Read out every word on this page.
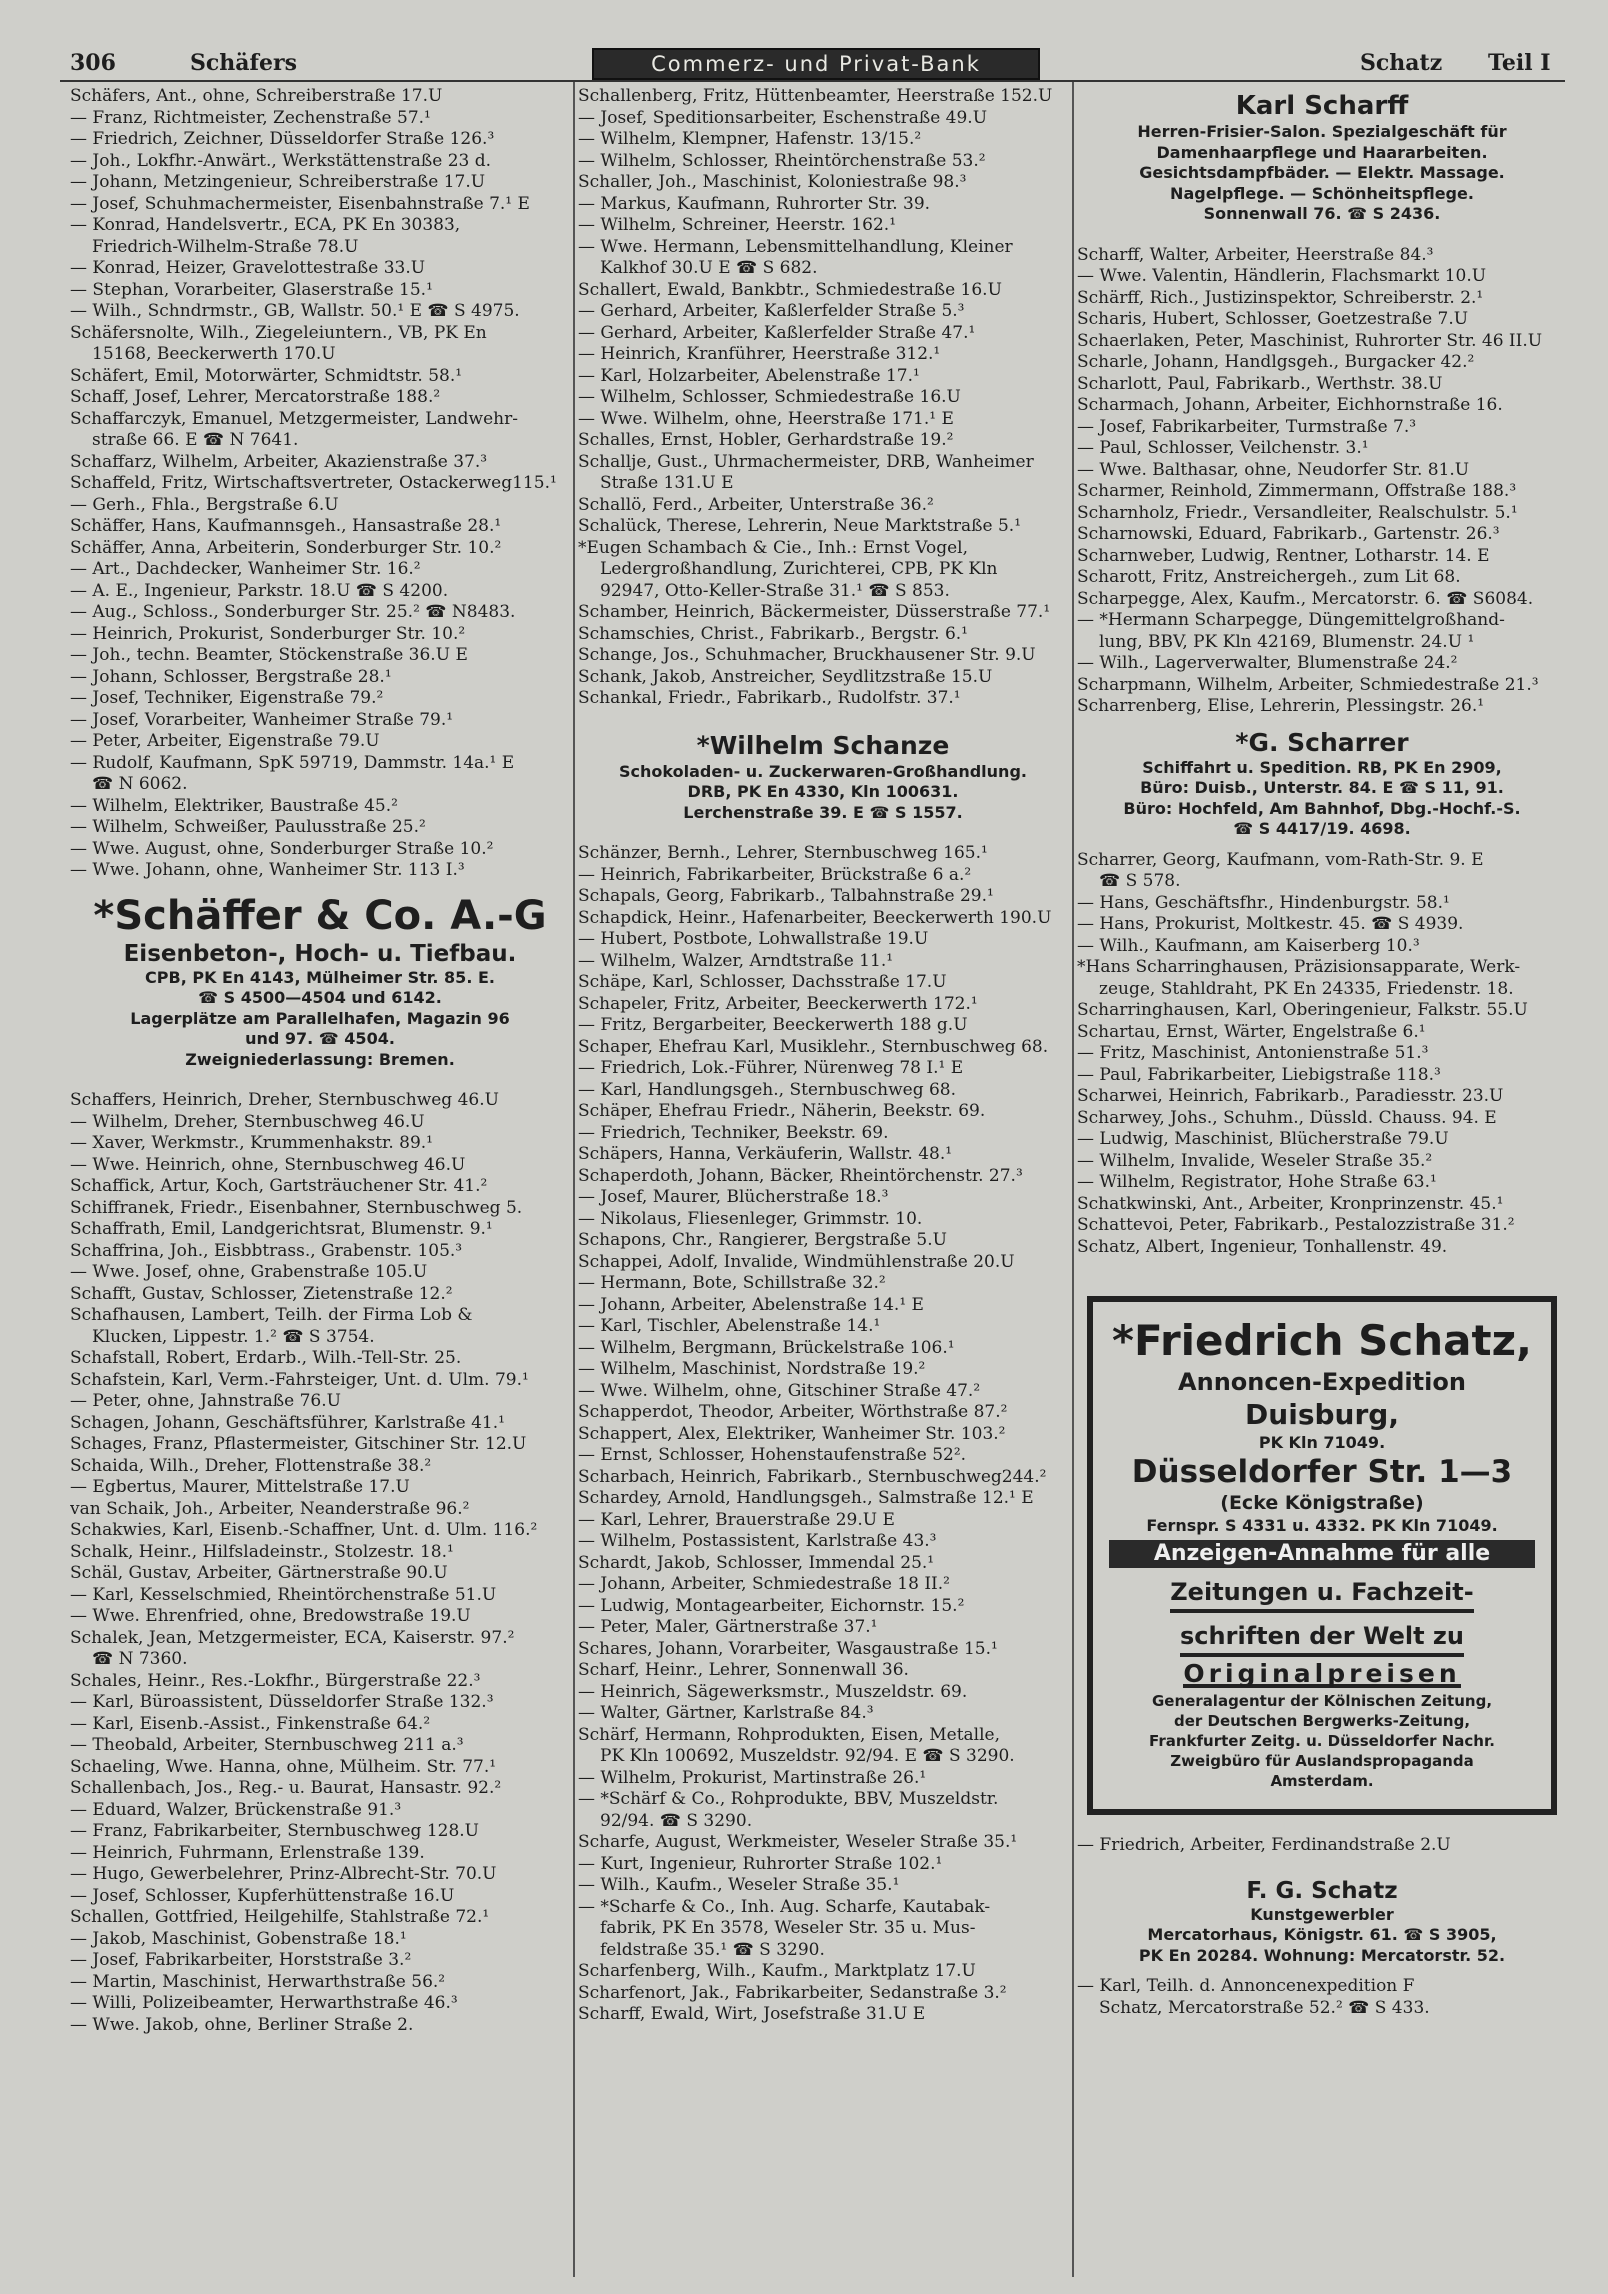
306	Schäfers	Commerz- und Privat-Bank	Schatz Teil I
Schäfers, Ant., ohne, Schreiberstraße 17.U
— Franz, Richtmeister, Zechenstraße 57.¹
— Friedrich, Zeichner, Düsseldorfer Straße 126.³
— Joh., Lokfhr.-Anwärt., Werkstättenstraße 23 d.
— Johann, Metzingenieur, Schreiberstraße 17.U
— Josef, Schuhmachermeister, Eisenbahnstraße 7.¹ E
— Konrad, Handelsvertr., ECA, PK En 30383,
Friedrich-Wilhelm-Straße 78.U
— Konrad, Heizer, Gravelottestraße 33.U
— Stephan, Vorarbeiter, Glaserstraße 15.¹
— Wilh., Schndrmstr., GB, Wallstr. 50.¹ E ☎ S 4975.
Schäfersnolte, Wilh., Ziegeleiuntern., VB, PK En
15168, Beeckerwerth 170.U
Schäfert, Emil, Motorwärter, Schmidtstr. 58.¹
Schaff, Josef, Lehrer, Mercatorstraße 188.²
Schaffarczyk, Emanuel, Metzgermeister, Landwehr-
straße 66. E ☎ N 7641.
Schaffarz, Wilhelm, Arbeiter, Akazienstraße 37.³
Schaffeld, Fritz, Wirtschaftsvertreter, Ostackerweg115.¹
— Gerh., Fhla., Bergstraße 6.U
Schäffer, Hans, Kaufmannsgeh., Hansastraße 28.¹
Schäffer, Anna, Arbeiterin, Sonderburger Str. 10.²
— Art., Dachdecker, Wanheimer Str. 16.²
— A. E., Ingenieur, Parkstr. 18.U ☎ S 4200.
— Aug., Schloss., Sonderburger Str. 25.² ☎ N8483.
— Heinrich, Prokurist, Sonderburger Str. 10.²
— Joh., techn. Beamter, Stöckenstraße 36.U E
— Johann, Schlosser, Bergstraße 28.¹
— Josef, Techniker, Eigenstraße 79.²
— Josef, Vorarbeiter, Wanheimer Straße 79.¹
— Peter, Arbeiter, Eigenstraße 79.U
— Rudolf, Kaufmann, SpK 59719, Dammstr. 14a.¹ E
☎ N 6062.
— Wilhelm, Elektriker, Baustraße 45.²
— Wilhelm, Schweißer, Paulusstraße 25.²
— Wwe. August, ohne, Sonderburger Straße 10.²
— Wwe. Johann, ohne, Wanheimer Str. 113 I.³
*Schäffer & Co. A.-G
Eisenbeton-, Hoch- u. Tiefbau.
CPB, PK En 4143, Mülheimer Str. 85. E.
☎ S 4500—4504 und 6142.
Lagerplätze am Parallelhafen, Magazin 96
und 97. ☎ 4504.
Zweigniederlassung: Bremen.
Schaffers, Heinrich, Dreher, Sternbuschweg 46.U
— Wilhelm, Dreher, Sternbuschweg 46.U
— Xaver, Werkmstr., Krummenhakstr. 89.¹
— Wwe. Heinrich, ohne, Sternbuschweg 46.U
Schaffick, Artur, Koch, Gartsträuchener Str. 41.²
Schiffranek, Friedr., Eisenbahner, Sternbuschweg 5.
Schaffrath, Emil, Landgerichtsrat, Blumenstr. 9.¹
Schaffrina, Joh., Eisbbtrass., Grabenstr. 105.³
— Wwe. Josef, ohne, Grabenstraße 105.U
Schafft, Gustav, Schlosser, Zietenstraße 12.²
Schafhausen, Lambert, Teilh. der Firma Lob &
Klucken, Lippestr. 1.² ☎ S 3754.
Schafstall, Robert, Erdarb., Wilh.-Tell-Str. 25.
Schafstein, Karl, Verm.-Fahrsteiger, Unt. d. Ulm. 79.¹
— Peter, ohne, Jahnstraße 76.U
Schagen, Johann, Geschäftsführer, Karlstraße 41.¹
Schages, Franz, Pflastermeister, Gitschiner Str. 12.U
Schaida, Wilh., Dreher, Flottenstraße 38.²
— Egbertus, Maurer, Mittelstraße 17.U
van Schaik, Joh., Arbeiter, Neanderstraße 96.²
Schakwies, Karl, Eisenb.-Schaffner, Unt. d. Ulm. 116.²
Schalk, Heinr., Hilfsladeinstr., Stolzestr. 18.¹
Schäl, Gustav, Arbeiter, Gärtnerstraße 90.U
— Karl, Kesselschmied, Rheintörchenstraße 51.U
— Wwe. Ehrenfried, ohne, Bredowstraße 19.U
Schalek, Jean, Metzgermeister, ECA, Kaiserstr. 97.²
☎ N 7360.
Schales, Heinr., Res.-Lokfhr., Bürgerstraße 22.³
— Karl, Büroassistent, Düsseldorfer Straße 132.³
— Karl, Eisenb.-Assist., Finkenstraße 64.²
— Theobald, Arbeiter, Sternbuschweg 211 a.³
Schaeling, Wwe. Hanna, ohne, Mülheim. Str. 77.¹
Schallenbach, Jos., Reg.- u. Baurat, Hansastr. 92.²
— Eduard, Walzer, Brückenstraße 91.³
— Franz, Fabrikarbeiter, Sternbuschweg 128.U
— Heinrich, Fuhrmann, Erlenstraße 139.
— Hugo, Gewerbelehrer, Prinz-Albrecht-Str. 70.U
— Josef, Schlosser, Kupferhüttenstraße 16.U
Schallen, Gottfried, Heilgehilfe, Stahlstraße 72.¹
— Jakob, Maschinist, Gobenstraße 18.¹
— Josef, Fabrikarbeiter, Horststraße 3.²
— Martin, Maschinist, Herwarthstraße 56.²
— Willi, Polizeibeamter, Herwarthstraße 46.³
— Wwe. Jakob, ohne, Berliner Straße 2.
Schallenberg, Fritz, Hüttenbeamter, Heerstraße 152.U
— Josef, Speditionsarbeiter, Eschenstraße 49.U
— Wilhelm, Klempner, Hafenstr. 13/15.²
— Wilhelm, Schlosser, Rheintörchenstraße 53.²
Schaller, Joh., Maschinist, Koloniestraße 98.³
— Markus, Kaufmann, Ruhrorter Str. 39.
— Wilhelm, Schreiner, Heerstr. 162.¹
— Wwe. Hermann, Lebensmittelhandlung, Kleiner
Kalkhof 30.U E ☎ S 682.
Schallert, Ewald, Bankbtr., Schmiedestraße 16.U
— Gerhard, Arbeiter, Kaßlerfelder Straße 5.³
— Gerhard, Arbeiter, Kaßlerfelder Straße 47.¹
— Heinrich, Kranführer, Heerstraße 312.¹
— Karl, Holzarbeiter, Abelenstraße 17.¹
— Wilhelm, Schlosser, Schmiedestraße 16.U
— Wwe. Wilhelm, ohne, Heerstraße 171.¹ E
Schalles, Ernst, Hobler, Gerhardstraße 19.²
Schallje, Gust., Uhrmachermeister, DRB, Wanheimer
Straße 131.U E
Schallö, Ferd., Arbeiter, Unterstraße 36.²
Schalück, Therese, Lehrerin, Neue Marktstraße 5.¹
*Eugen Schambach & Cie., Inh.: Ernst Vogel,
Ledergroßhandlung, Zurichterei, CPB, PK Kln
92947, Otto-Keller-Straße 31.¹ ☎ S 853.
Schamber, Heinrich, Bäckermeister, Düsserstraße 77.¹
Schamschies, Christ., Fabrikarb., Bergstr. 6.¹
Schange, Jos., Schuhmacher, Bruckhausener Str. 9.U
Schank, Jakob, Anstreicher, Seydlitzstraße 15.U
Schankal, Friedr., Fabrikarb., Rudolfstr. 37.¹
*Wilhelm Schanze
Schokoladen- u. Zuckerwaren-Großhandlung.
DRB, PK En 4330, Kln 100631.
Lerchenstraße 39. E ☎ S 1557.
Schänzer, Bernh., Lehrer, Sternbuschweg 165.¹
— Heinrich, Fabrikarbeiter, Brückstraße 6 a.²
Schapals, Georg, Fabrikarb., Talbahnstraße 29.¹
Schapdick, Heinr., Hafenarbeiter, Beeckerwerth 190.U
— Hubert, Postbote, Lohwallstraße 19.U
— Wilhelm, Walzer, Arndtstraße 11.¹
Schäpe, Karl, Schlosser, Dachsstraße 17.U
Schapeler, Fritz, Arbeiter, Beeckerwerth 172.¹
— Fritz, Bergarbeiter, Beeckerwerth 188 g.U
Schaper, Ehefrau Karl, Musiklehr., Sternbuschweg 68.
— Friedrich, Lok.-Führer, Nürenweg 78 I.¹ E
— Karl, Handlungsgeh., Sternbuschweg 68.
Schäper, Ehefrau Friedr., Näherin, Beekstr. 69.
— Friedrich, Techniker, Beekstr. 69.
Schäpers, Hanna, Verkäuferin, Wallstr. 48.¹
Schaperdoth, Johann, Bäcker, Rheintörchenstr. 27.³
— Josef, Maurer, Blücherstraße 18.³
— Nikolaus, Fliesenleger, Grimmstr. 10.
Schapons, Chr., Rangierer, Bergstraße 5.U
Schappei, Adolf, Invalide, Windmühlenstraße 20.U
— Hermann, Bote, Schillstraße 32.²
— Johann, Arbeiter, Abelenstraße 14.¹ E
— Karl, Tischler, Abelenstraße 14.¹
— Wilhelm, Bergmann, Brückelstraße 106.¹
— Wilhelm, Maschinist, Nordstraße 19.²
— Wwe. Wilhelm, ohne, Gitschiner Straße 47.²
Schapperdot, Theodor, Arbeiter, Wörthstraße 87.²
Schappert, Alex, Elektriker, Wanheimer Str. 103.²
— Ernst, Schlosser, Hohenstaufenstraße 52².
Scharbach, Heinrich, Fabrikarb., Sternbuschweg244.²
Schardey, Arnold, Handlungsgeh., Salmstraße 12.¹ E
— Karl, Lehrer, Brauerstraße 29.U E
— Wilhelm, Postassistent, Karlstraße 43.³
Schardt, Jakob, Schlosser, Immendal 25.¹
— Johann, Arbeiter, Schmiedestraße 18 II.²
— Ludwig, Montagearbeiter, Eichornstr. 15.²
— Peter, Maler, Gärtnerstraße 37.¹
Schares, Johann, Vorarbeiter, Wasgaustraße 15.¹
Scharf, Heinr., Lehrer, Sonnenwall 36.
— Heinrich, Sägewerksmstr., Muszeldstr. 69.
— Walter, Gärtner, Karlstraße 84.³
Schärf, Hermann, Rohprodukten, Eisen, Metalle,
PK Kln 100692, Muszeldstr. 92/94. E ☎ S 3290.
— Wilhelm, Prokurist, Martinstraße 26.¹
— *Schärf & Co., Rohprodukte, BBV, Muszeldstr.
92/94. ☎ S 3290.
Scharfe, August, Werkmeister, Weseler Straße 35.¹
— Kurt, Ingenieur, Ruhrorter Straße 102.¹
— Wilh., Kaufm., Weseler Straße 35.¹
— *Scharfe & Co., Inh. Aug. Scharfe, Kautabak-
fabrik, PK En 3578, Weseler Str. 35 u. Mus-
feldstraße 35.¹ ☎ S 3290.
Scharfenberg, Wilh., Kaufm., Marktplatz 17.U
Scharfenort, Jak., Fabrikarbeiter, Sedanstraße 3.²
Scharff, Ewald, Wirt, Josefstraße 31.U E
Karl Scharff
Herren-Frisier-Salon. Spezialgeschäft für
Damenhaarpflege und Haararbeiten.
Gesichtsdampfbäder. — Elektr. Massage.
Nagelpflege. — Schönheitspflege.
Sonnenwall 76. ☎ S 2436.
Scharff, Walter, Arbeiter, Heerstraße 84.³
— Wwe. Valentin, Händlerin, Flachsmarkt 10.U
Schärff, Rich., Justizinspektor, Schreiberstr. 2.¹
Scharis, Hubert, Schlosser, Goetzestraße 7.U
Schaerlaken, Peter, Maschinist, Ruhrorter Str. 46 II.U
Scharle, Johann, Handlgsgeh., Burgacker 42.²
Scharlott, Paul, Fabrikarb., Werthstr. 38.U
Scharmach, Johann, Arbeiter, Eichhornstraße 16.
— Josef, Fabrikarbeiter, Turmstraße 7.³
— Paul, Schlosser, Veilchenstr. 3.¹
— Wwe. Balthasar, ohne, Neudorfer Str. 81.U
Scharmer, Reinhold, Zimmermann, Offstraße 188.³
Scharnholz, Friedr., Versandleiter, Realschulstr. 5.¹
Scharnowski, Eduard, Fabrikarb., Gartenstr. 26.³
Scharnweber, Ludwig, Rentner, Lotharstr. 14. E
Scharott, Fritz, Anstreichergeh., zum Lit 68.
Scharpegge, Alex, Kaufm., Mercatorstr. 6. ☎ S6084.
— *Hermann Scharpegge, Düngemittelgroßhand-
lung, BBV, PK Kln 42169, Blumenstr. 24.U ¹
— Wilh., Lagerverwalter, Blumenstraße 24.²
Scharpmann, Wilhelm, Arbeiter, Schmiedestraße 21.³
Scharrenberg, Elise, Lehrerin, Plessingstr. 26.¹
*G. Scharrer
Schiffahrt u. Spedition. RB, PK En 2909,
Büro: Duisb., Unterstr. 84. E ☎ S 11, 91.
Büro: Hochfeld, Am Bahnhof, Dbg.-Hochf.-S.
☎ S 4417/19. 4698.
Scharrer, Georg, Kaufmann, vom-Rath-Str. 9. E
☎ S 578.
— Hans, Geschäftsfhr., Hindenburgstr. 58.¹
— Hans, Prokurist, Moltkestr. 45. ☎ S 4939.
— Wilh., Kaufmann, am Kaiserberg 10.³
*Hans Scharringhausen, Präzisionsapparate, Werk-
zeuge, Stahldraht, PK En 24335, Friedenstr. 18.
Scharringhausen, Karl, Oberingenieur, Falkstr. 55.U
Schartau, Ernst, Wärter, Engelstraße 6.¹
— Fritz, Maschinist, Antonienstraße 51.³
— Paul, Fabrikarbeiter, Liebigstraße 118.³
Scharwei, Heinrich, Fabrikarb., Paradiesstr. 23.U
Scharwey, Johs., Schuhm., Düssld. Chauss. 94. E
— Ludwig, Maschinist, Blücherstraße 79.U
— Wilhelm, Invalide, Weseler Straße 35.²
— Wilhelm, Registrator, Hohe Straße 63.¹
Schatkwinski, Ant., Arbeiter, Kronprinzenstr. 45.¹
Schattevoi, Peter, Fabrikarb., Pestalozzistraße 31.²
Schatz, Albert, Ingenieur, Tonhallenstr. 49.
*Friedrich Schatz,
Annoncen-Expedition
Duisburg,
PK Kln 71049.
Düsseldorfer Str. 1—3
(Ecke Königstraße)
Fernspr. S 4331 u. 4332. PK Kln 71049.
Anzeigen-Annahme für alle
Zeitungen u. Fachzeit-
schriften der Welt zu
Originalpreisen
Generalagentur der Kölnischen Zeitung,
der Deutschen Bergwerks-Zeitung,
Frankfurter Zeitg. u. Düsseldorfer Nachr.
Zweigbüro für Auslandspropaganda
Amsterdam.
— Friedrich, Arbeiter, Ferdinandstraße 2.U
F. G. Schatz
Kunstgewerbler
Mercatorhaus, Königstr. 61. ☎ S 3905,
PK En 20284. Wohnung: Mercatorstr. 52.
— Karl, Teilh. d. Annoncenexpedition F
Schatz, Mercatorstraße 52.² ☎ S 433.
